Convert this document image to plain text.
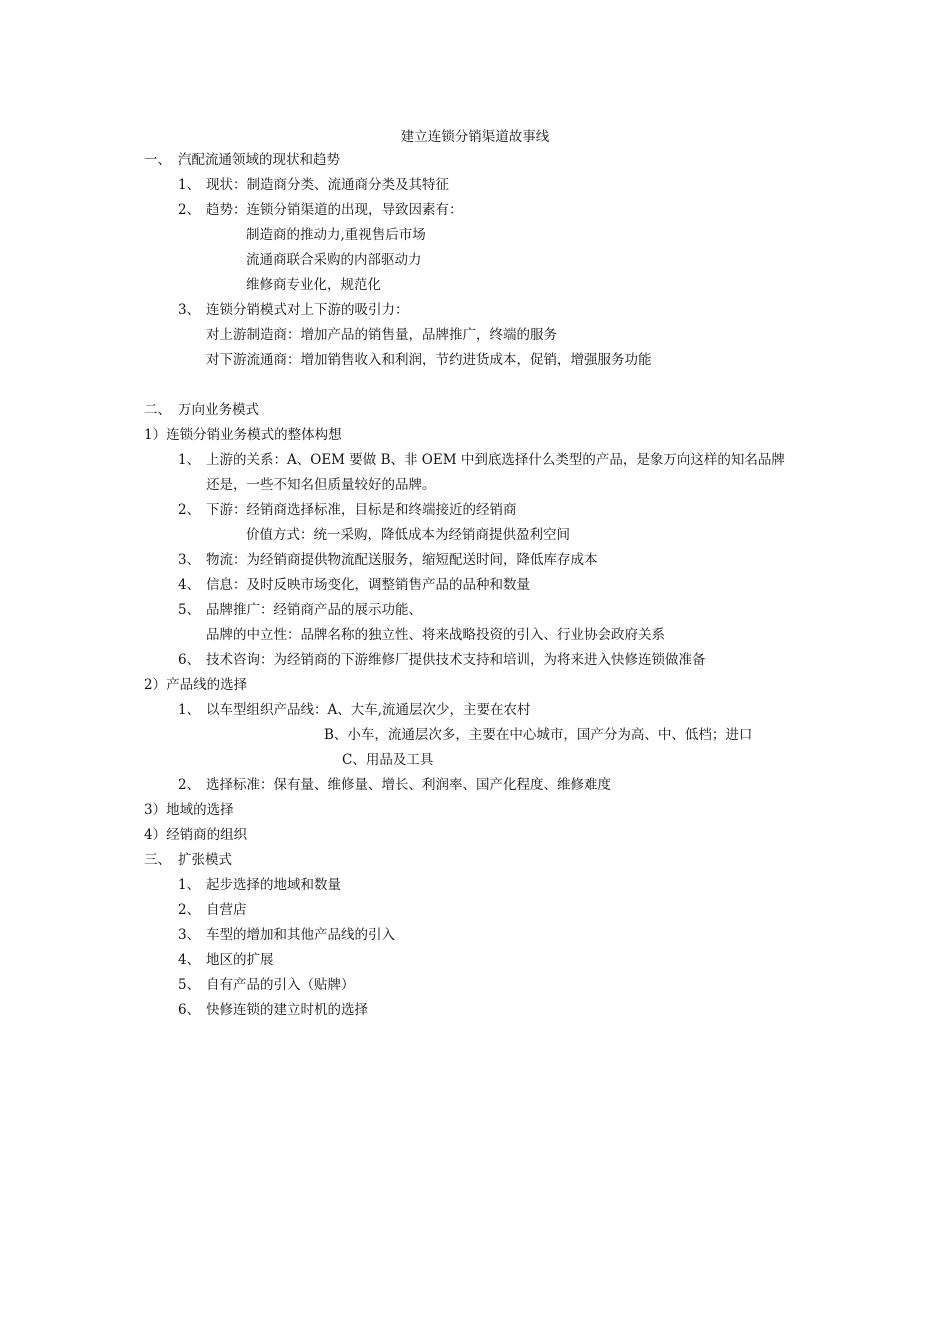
建立连锁分销渠道故事线
一、 汽配流通领域的现状和趋势
1、 现状：制造商分类、流通商分类及其特征
2、 趋势：连锁分销渠道的出现，导致因素有：
制造商的推动力,重视售后市场
流通商联合采购的内部驱动力
维修商专业化，规范化
3、 连锁分销模式对上下游的吸引力：
对上游制造商：增加产品的销售量，品牌推广，终端的服务
对下游流通商：增加销售收入和利润，节约进货成本，促销，增强服务功能
二、 万向业务模式
1）连锁分销业务模式的整体构想
1、 上游的关系：A、OEM 要做 B、非 OEM 中到底选择什么类型的产品，是象万向这样的知名品牌
还是，一些不知名但质量较好的品牌。
2、 下游：经销商选择标准，目标是和终端接近的经销商
价值方式：统一采购，降低成本为经销商提供盈利空间
3、 物流：为经销商提供物流配送服务，缩短配送时间，降低库存成本
4、 信息：及时反映市场变化，调整销售产品的品种和数量
5、 品牌推广：经销商产品的展示功能、
品牌的中立性：品牌名称的独立性、将来战略投资的引入、行业协会政府关系
6、 技术咨询：为经销商的下游维修厂提供技术支持和培训，为将来进入快修连锁做准备
2）产品线的选择
1、 以车型组织产品线：A、大车,流通层次少，主要在农村
B、小车，流通层次多，主要在中心城市，国产分为高、中、低档；进口
C、用品及工具
2、 选择标准：保有量、维修量、增长、利润率、国产化程度、维修难度
3）地域的选择
4）经销商的组织
三、 扩张模式
1、 起步选择的地域和数量
2、 自营店
3、 车型的增加和其他产品线的引入
4、 地区的扩展
5、 自有产品的引入（贴牌）
6、 快修连锁的建立时机的选择
